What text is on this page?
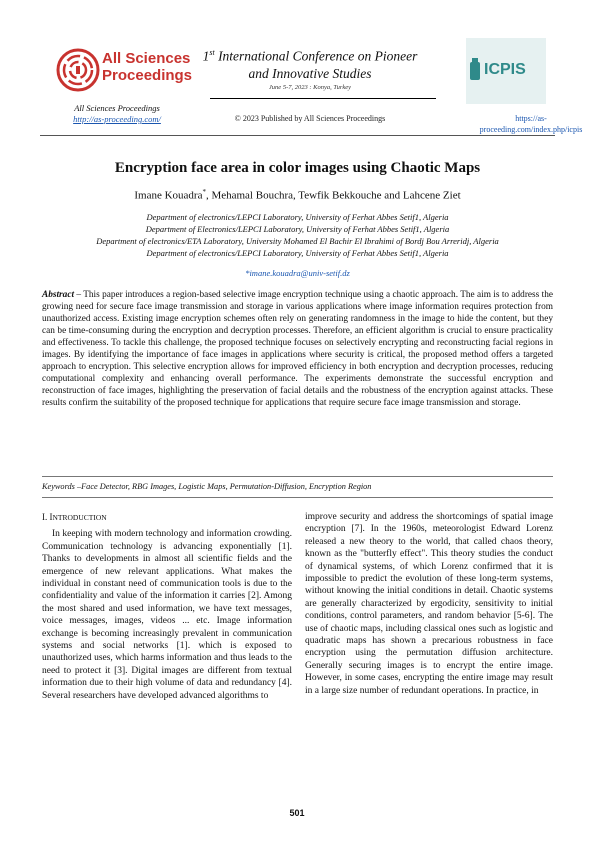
All Sciences
Proceedings
All Sciences Proceedings
http://as-proceeding.com/
1st International Conference on Pioneer
and Innovative Studies
June 5-7, 2023 : Konya, Turkey
© 2023 Published by All Sciences Proceedings
ICPIS
https://as-
proceeding.com/index.php/icpis
Encryption face area in color images using Chaotic Maps
Imane Kouadra*, Mehamal Bouchra, Tewfik Bekkouche and Lahcene Ziet
Department of electronics/LEPCI Laboratory, University of Ferhat Abbes Setif1, Algeria
Department of Electronics/LEPCI Laboratory, University of Ferhat Abbes Setif1, Algeria
Department of electronics/ETA Laboratory, University Mohamed El Bachir El Ibrahimi of Bordj Bou Arreridj, Algeria
Department of electronics/LEPCI Laboratory, University of Ferhat Abbes Setif1, Algeria
*imane.kouadra@univ-setif.dz
Abstract – This paper introduces a region-based selective image encryption technique using a chaotic approach. The aim is to address the growing need for secure face image transmission and storage in various applications where image information requires protection from unauthorized access. Existing image encryption schemes often rely on generating randomness in the image to hide the content, but they can be time-consuming during the encryption and decryption processes. Therefore, an efficient algorithm is crucial to ensure practicality and effectiveness. To tackle this challenge, the proposed technique focuses on selectively encrypting and reconstructing facial regions in images. By identifying the importance of face images in applications where security is critical, the proposed method offers a targeted approach to encryption. This selective encryption allows for improved efficiency in both encryption and decryption processes, reducing computational complexity and enhancing overall performance. The experiments demonstrate the successful encryption and reconstruction of face images, highlighting the preservation of facial details and the robustness of the encryption against attacks. These results confirm the suitability of the proposed technique for applications that require secure face image transmission and storage.
Keywords –Face Detector, RBG Images, Logistic Maps, Permutation-Diffusion, Encryption Region
I. INTRODUCTION

In keeping with modern technology and information crowding. Communication technology is advancing exponentially [1]. Thanks to developments in almost all scientific fields and the emergence of new relevant applications. What makes the individual in constant need of communication tools is due to the confidentiality and value of the information it carries [2]. Among the most shared and used information, we have text messages, voice messages, images, videos ... etc. Image information exchange is becoming increasingly prevalent in communication systems and social networks [1]. which is exposed to unauthorized uses, which harms information and thus leads to the need to protect it [3]. Digital images are different from textual information due to their high volume of data and redundancy [4]. Several researchers have developed advanced algorithms to

improve security and address the shortcomings of spatial image encryption [7]. In the 1960s, meteorologist Edward Lorenz released a new theory to the world, that called chaos theory, known as the "butterfly effect". This theory studies the conduct of dynamical systems, of which Lorenz confirmed that it is impossible to predict the evolution of these long-term systems, without knowing the initial conditions in detail. Chaotic systems are generally characterized by ergodicity, sensitivity to initial conditions, control parameters, and random behavior [5-6]. The use of chaotic maps, including classical ones such as logistic and quadratic maps has shown a precarious robustness in face encryption using the permutation diffusion architecture. Generally securing images is to encrypt the entire image. However, in some cases, encrypting the entire image may result in a large size number of redundant operations. In practice, in

501
